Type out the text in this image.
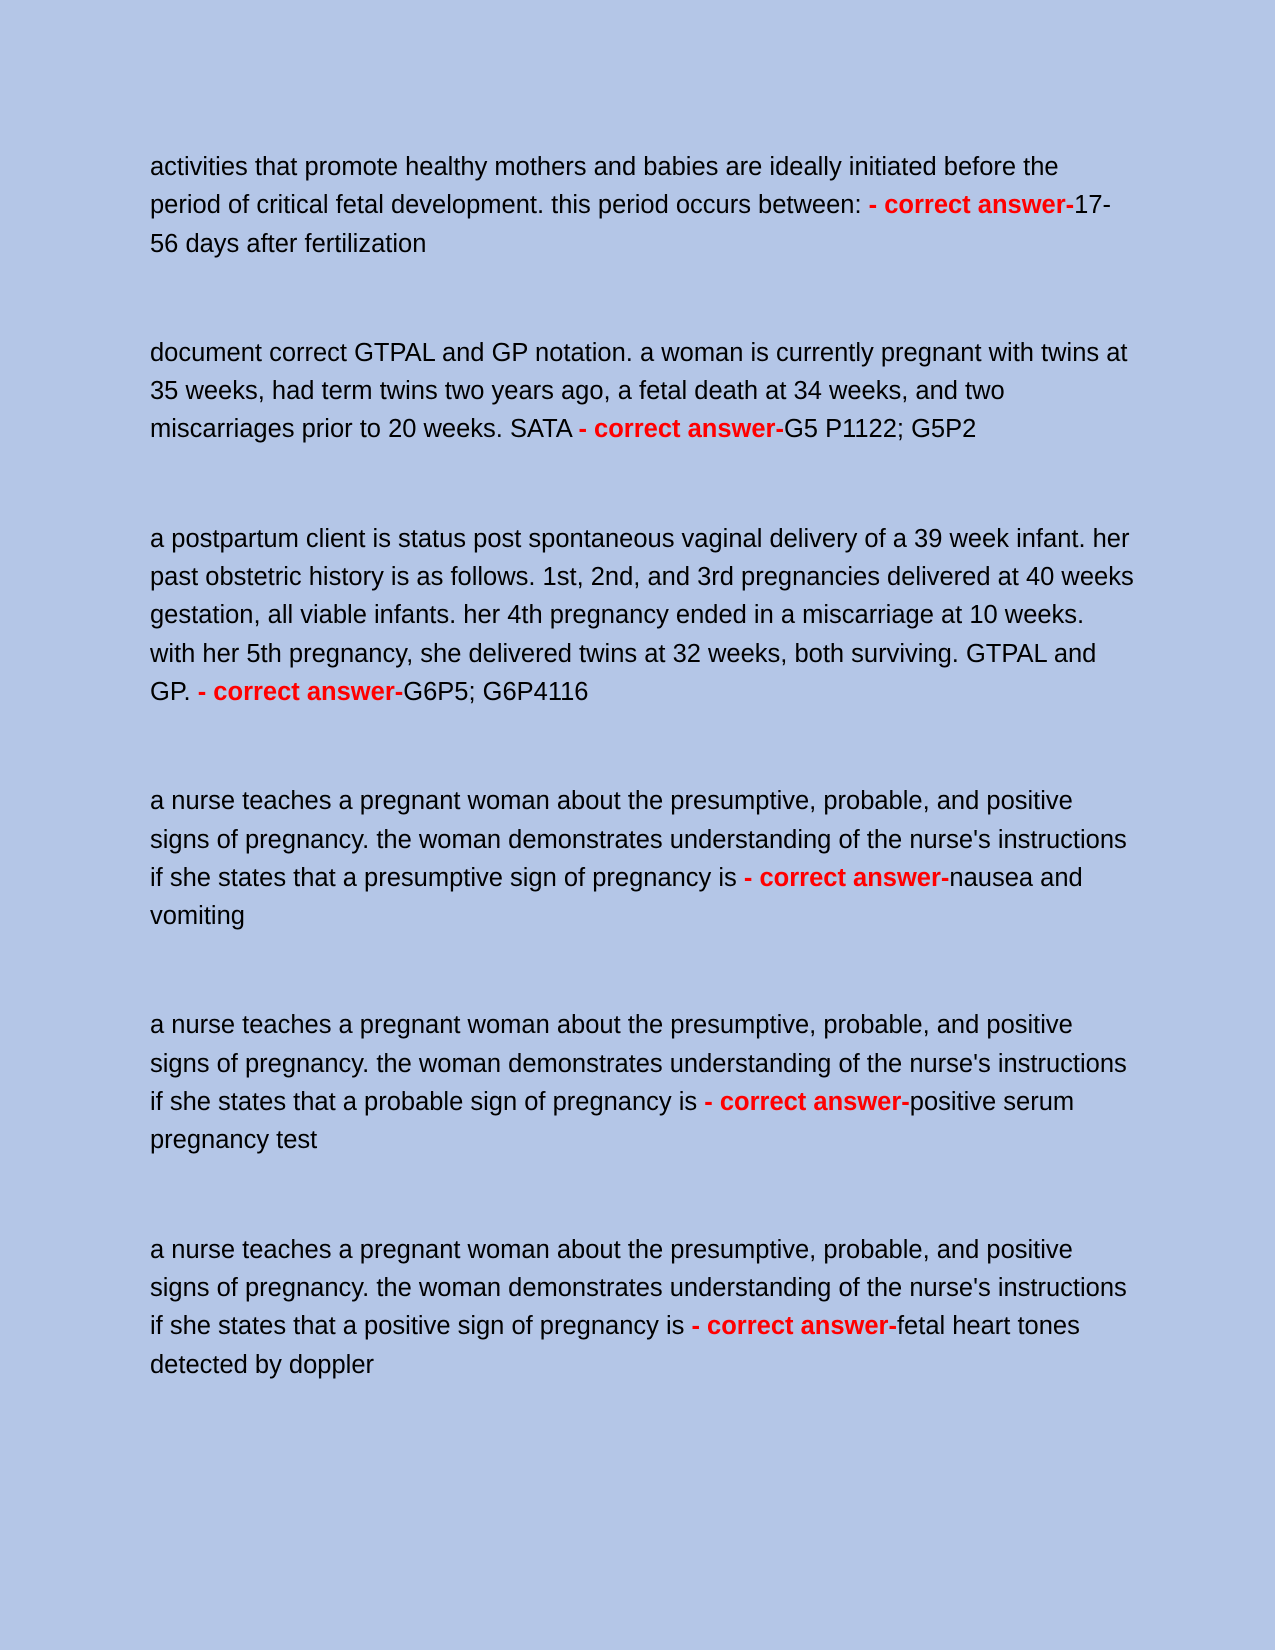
activities that promote healthy mothers and babies are ideally initiated before the period of critical fetal development. this period occurs between: - correct answer-17-56 days after fertilization

document correct GTPAL and GP notation. a woman is currently pregnant with twins at 35 weeks, had term twins two years ago, a fetal death at 34 weeks, and two miscarriages prior to 20 weeks. SATA - correct answer-G5 P1122; G5P2

a postpartum client is status post spontaneous vaginal delivery of a 39 week infant. her past obstetric history is as follows. 1st, 2nd, and 3rd pregnancies delivered at 40 weeks gestation, all viable infants. her 4th pregnancy ended in a miscarriage at 10 weeks. with her 5th pregnancy, she delivered twins at 32 weeks, both surviving. GTPAL and GP. - correct answer-G6P5; G6P4116

a nurse teaches a pregnant woman about the presumptive, probable, and positive signs of pregnancy. the woman demonstrates understanding of the nurse's instructions if she states that a presumptive sign of pregnancy is - correct answer-nausea and vomiting

a nurse teaches a pregnant woman about the presumptive, probable, and positive signs of pregnancy. the woman demonstrates understanding of the nurse's instructions if she states that a probable sign of pregnancy is - correct answer-positive serum pregnancy test

a nurse teaches a pregnant woman about the presumptive, probable, and positive signs of pregnancy. the woman demonstrates understanding of the nurse's instructions if she states that a positive sign of pregnancy is - correct answer-fetal heart tones detected by doppler
